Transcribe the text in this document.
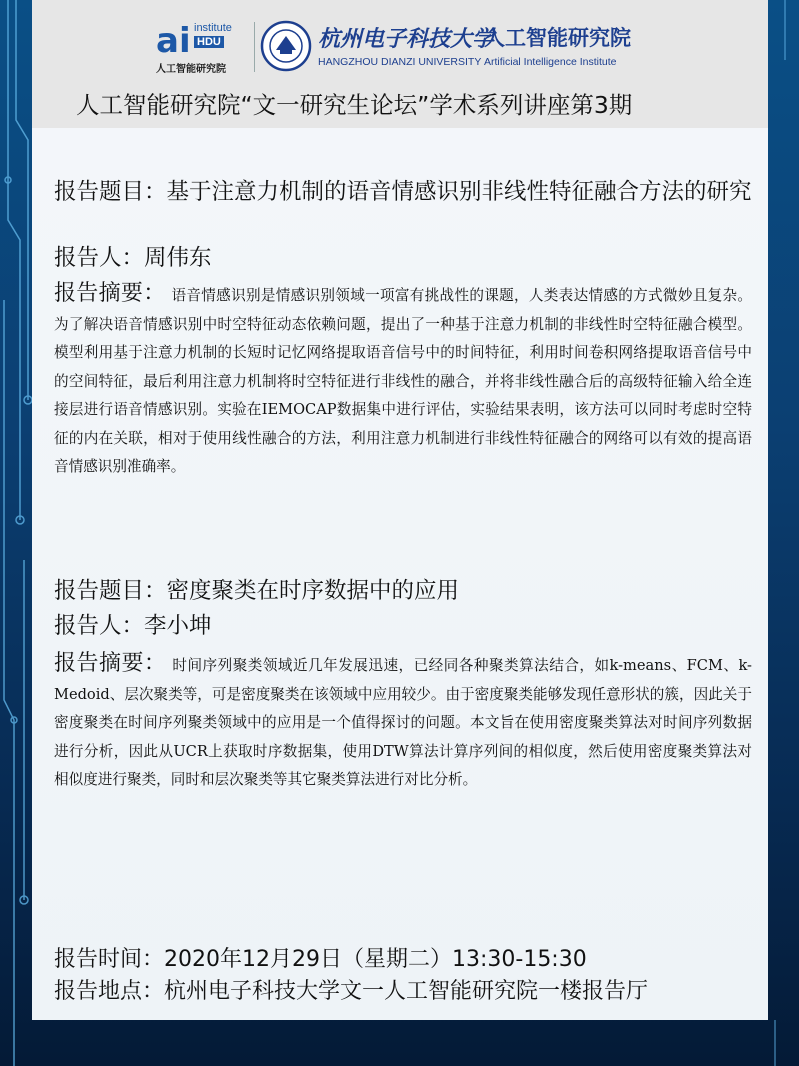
ai institute
HDU
人工智能研究院
杭州电子科技大学
HANGZHOU DIANZI UNIVERSITY
人工智能研究院
Artificial Intelligence Institute
人工智能研究院“文一研究生论坛”学术系列讲座第3期
报告题目：基于注意力机制的语音情感识别非线性特征融合方法的研究
报告人：周伟东
报告摘要： 语音情感识别是情感识别领域一项富有挑战性的课题，人类表达情感的方式微妙且复杂。为了解决语音情感识别中时空特征动态依赖问题，提出了一种基于注意力机制的非线性时空特征融合模型。模型利用基于注意力机制的长短时记忆网络提取语音信号中的时间特征，利用时间卷积网络提取语音信号中的空间特征，最后利用注意力机制将时空特征进行非线性的融合，并将非线性融合后的高级特征输入给全连接层进行语音情感识别。实验在IEMOCAP数据集中进行评估，实验结果表明，该方法可以同时考虑时空特征的内在关联，相对于使用线性融合的方法，利用注意力机制进行非线性特征融合的网络可以有效的提高语音情感识别准确率。
报告题目：密度聚类在时序数据中的应用
报告人：李小坤
报告摘要： 时间序列聚类领域近几年发展迅速，已经同各种聚类算法结合，如k-means、FCM、k-Medoid、层次聚类等，可是密度聚类在该领域中应用较少。由于密度聚类能够发现任意形状的簇，因此关于密度聚类在时间序列聚类领域中的应用是一个值得探讨的问题。本文旨在使用密度聚类算法对时间序列数据进行分析，因此从UCR上获取时序数据集，使用DTW算法计算序列间的相似度，然后使用密度聚类算法对相似度进行聚类，同时和层次聚类等其它聚类算法进行对比分析。
报告时间：2020年12月29日（星期二）13:30-15:30
报告地点：杭州电子科技大学文一人工智能研究院一楼报告厅
